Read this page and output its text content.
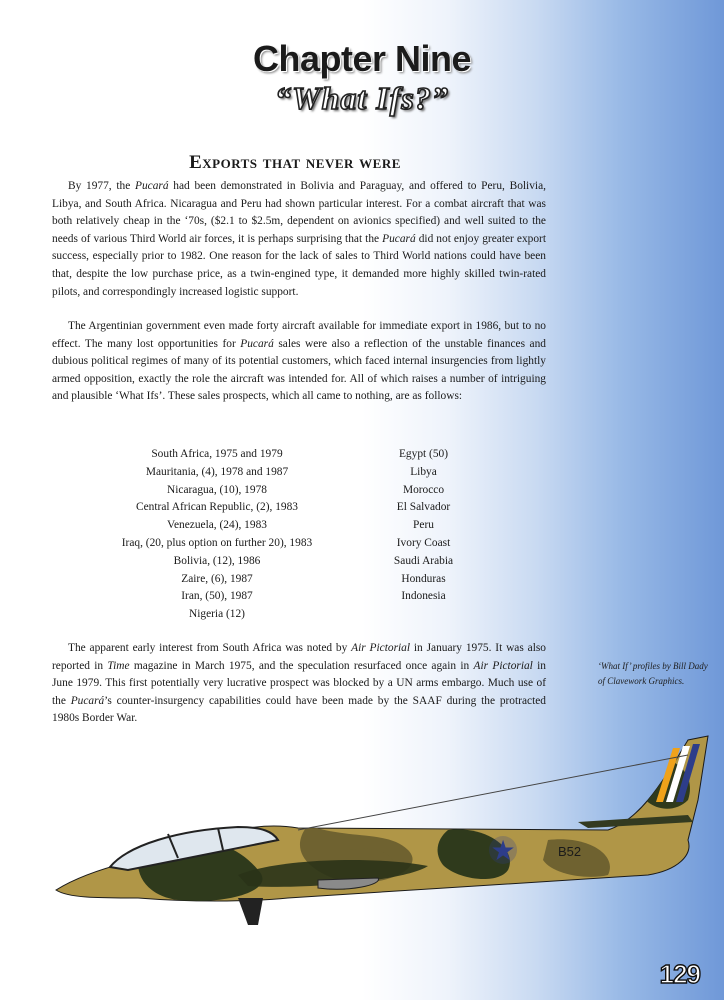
Chapter Nine
“What Ifs?”
Exports that never were

By 1977, the Pucará had been demonstrated in Bolivia and Paraguay, and offered to Peru, Bolivia, Libya, and South Africa. Nicaragua and Peru had shown particular interest. For a combat aircraft that was both relatively cheap in the ‘70s, ($2.1 to $2.5m, dependent on avionics specified) and well suited to the needs of various Third World air forces, it is perhaps surprising that the Pucará did not enjoy greater export success, especially prior to 1982. One reason for the lack of sales to Third World nations could have been that, despite the low purchase price, as a twin-engined type, it demanded more highly skilled twin-rated pilots, and correspondingly increased logistic support.

The Argentinian government even made forty aircraft available for immediate export in 1986, but to no effect. The many lost opportunities for Pucará sales were also a reflection of the unstable finances and dubious political regimes of many of its potential customers, which faced internal insurgencies from lightly armed opposition, exactly the role the aircraft was intended for. All of which raises a number of intriguing and plausible ‘What Ifs’. These sales prospects, which all came to nothing, are as follows:

South Africa, 1975 and 1979
Mauritania, (4), 1978 and 1987
Nicaragua, (10), 1978
Central African Republic, (2), 1983
Venezuela, (24), 1983
Iraq, (20, plus option on further 20), 1983
Bolivia, (12), 1986
Zaire, (6), 1987
Iran, (50), 1987
Nigeria (12)
Egypt (50)
Libya
Morocco
El Salvador
Peru
Ivory Coast
Saudi Arabia
Honduras
Indonesia

The apparent early interest from South Africa was noted by Air Pictorial in January 1975. It was also reported in Time magazine in March 1975, and the speculation resurfaced once again in Air Pictorial in June 1979. This first potentially very lucrative prospect was blocked by a UN arms embargo. Much use of the Pucará’s counter-insurgency capabilities could have been made by the SAAF during the protracted 1980s Border War.

‘What If’ profiles by Bill Dady of Clavework Graphics.
★	B52
129
